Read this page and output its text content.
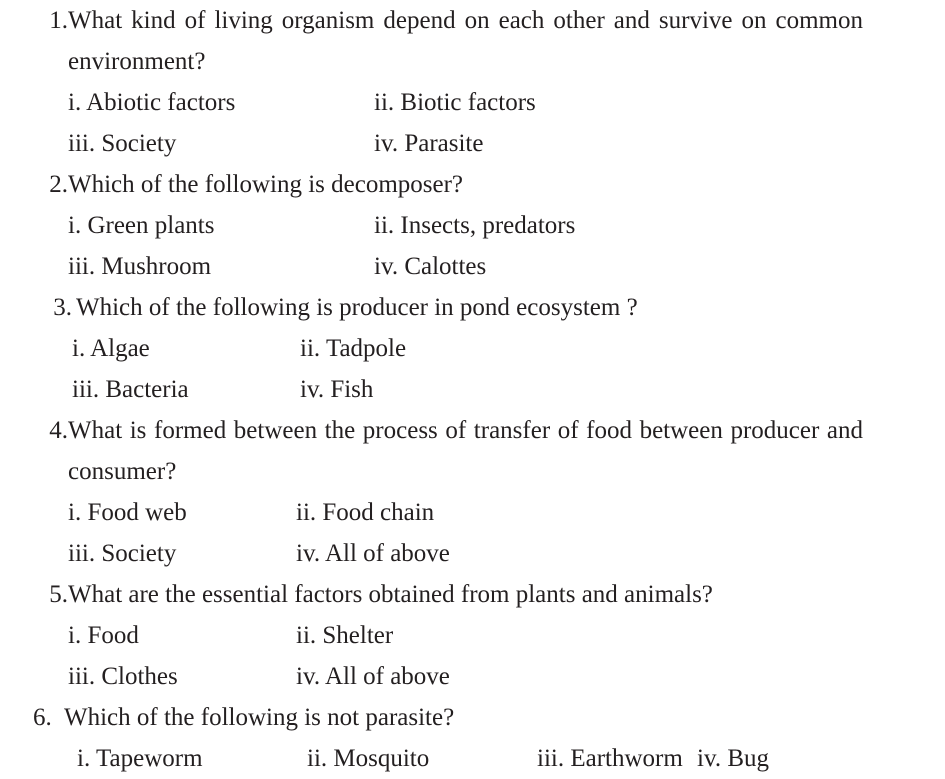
1. What kind of living organism depend on each other and survive on common environment?
i. Abiotic factors	ii. Biotic factors
iii. Society	iv. Parasite
2. Which of the following is decomposer?
i. Green plants	ii. Insects, predators
iii. Mushroom	iv. Calottes
3. Which of the following is producer in pond ecosystem ?
i. Algae	ii. Tadpole
iii. Bacteria	iv. Fish
4. What is formed between the process of transfer of food between producer and consumer?
i. Food web	ii. Food chain
iii. Society	iv. All of above
5. What are the essential factors obtained from plants and animals?
i. Food	ii. Shelter
iii. Clothes	iv. All of above
6. Which of the following is not parasite?
i. Tapeworm	ii. Mosquito	iii. Earthworm iv. Bug
